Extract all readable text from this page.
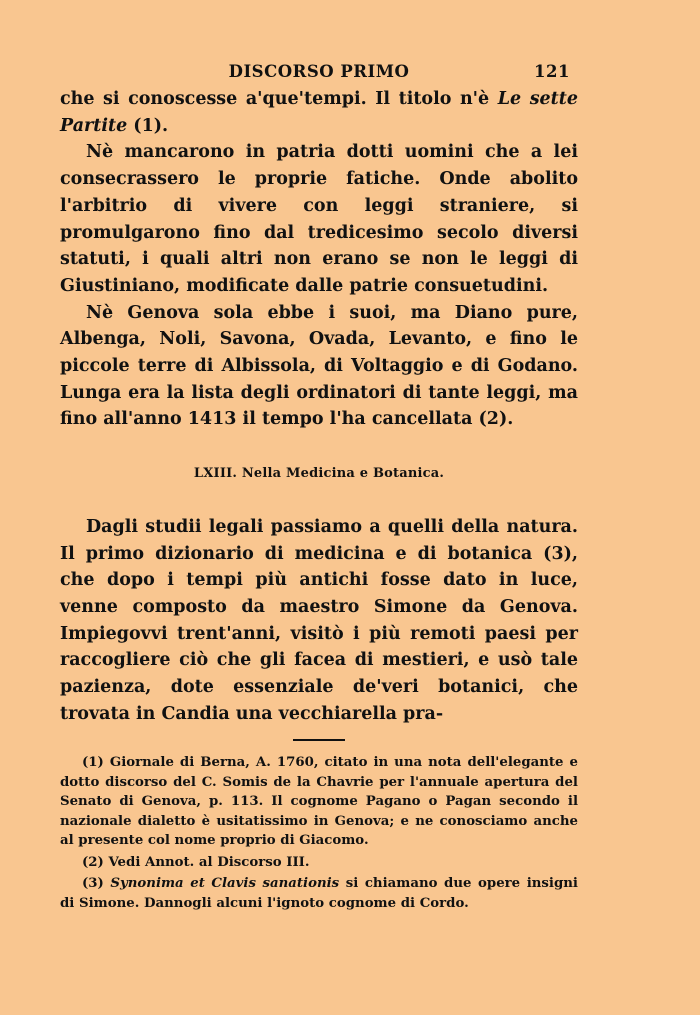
DISCORSO PRIMO	121

che si conoscesse a'que'tempi. Il titolo n'è Le sette Partite (1).

Nè mancarono in patria dotti uomini che a lei consecrassero le proprie fatiche. Onde abolito l'arbitrio di vivere con leggi straniere, si promulgarono fino dal tredicesimo secolo diversi statuti, i quali altri non erano se non le leggi di Giustiniano, modificate dalle patrie consuetudini.

Nè Genova sola ebbe i suoi, ma Diano pure, Albenga, Noli, Savona, Ovada, Levanto, e fino le piccole terre di Albissola, di Voltaggio e di Godano. Lunga era la lista degli ordinatori di tante leggi, ma fino all'anno 1413 il tempo l'ha cancellata (2).

LXIII. Nella Medicina e Botanica.

Dagli studii legali passiamo a quelli della natura. Il primo dizionario di medicina e di botanica (3), che dopo i tempi più antichi fosse dato in luce, venne composto da maestro Simone da Genova. Impiegovvi trent'anni, visitò i più remoti paesi per raccogliere ciò che gli facea di mestieri, e usò tale pazienza, dote essenziale de'veri botanici, che trovata in Candia una vecchiarella pra-

(1) Giornale di Berna, A. 1760, citato in una nota dell'elegante e dotto discorso del C. Somis de la Chavrie per l'annuale apertura del Senato di Genova, p. 113. Il cognome Pagano o Pagan secondo il nazionale dialetto è usitatissimo in Genova; e ne conosciamo anche al presente col nome proprio di Giacomo.

(2) Vedi Annot. al Discorso III.

(3) Synonima et Clavis sanationis si chiamano due opere insigni di Simone. Dannogli alcuni l'ignoto cognome di Cordo.
